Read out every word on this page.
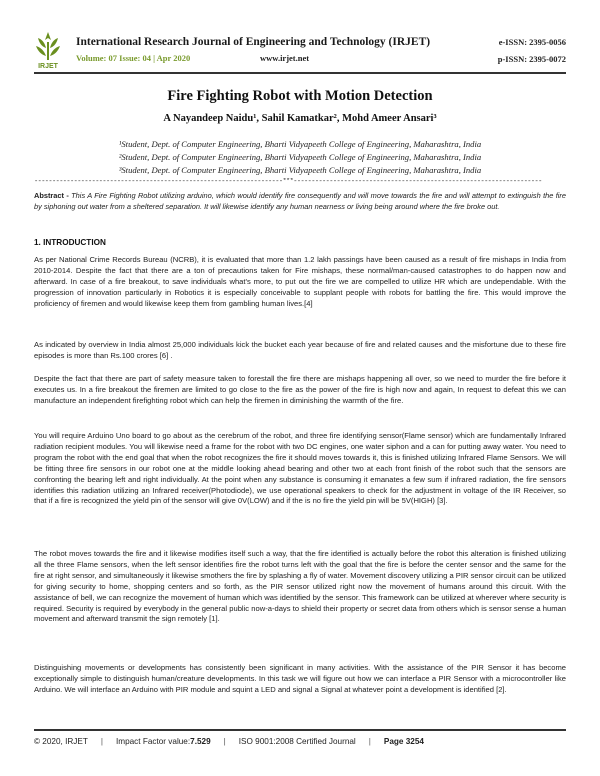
IRJET
International Research Journal of Engineering and Technology (IRJET)
Volume: 07 Issue: 04 | Apr 2020	www.irjet.net
e-ISSN: 2395-0056
p-ISSN: 2395-0072
Fire Fighting Robot with Motion Detection
A Nayandeep Naidu¹, Sahil Kamatkar², Mohd Ameer Ansari³
¹Student, Dept. of Computer Engineering, Bharti Vidyapeeth College of Engineering, Maharashtra, India
²Student, Dept. of Computer Engineering, Bharti Vidyapeeth College of Engineering, Maharashtra, India
³Student, Dept. of Computer Engineering, Bharti Vidyapeeth College of Engineering, Maharashtra, India
---------------------------------------------------------------------***---------------------------------------------------------------------
Abstract - This A Fire Fighting Robot utilizing arduino, which would identify fire consequently and will move towards the fire and will attempt to extinguish the fire by siphoning out water from a sheltered separation. It will likewise identify any human nearness or living being around where the fire broke out.
1. INTRODUCTION

As per National Crime Records Bureau (NCRB), it is evaluated that more than 1.2 lakh passings have been caused as a result of fire mishaps in India from 2010-2014. Despite the fact that there are a ton of precautions taken for Fire mishaps, these normal/man-caused catastrophes to do happen now and afterward. In case of a fire breakout, to save individuals what's more, to put out the fire we are compelled to utilize HR which are undependable. With the progression of innovation particularly in Robotics it is especially conceivable to supplant people with robots for battling the fire. This would improve the proficiency of firemen and would likewise keep them from gambling human lives.[4]

As indicated by overview in India almost 25,000 individuals kick the bucket each year because of fire and related causes and the misfortune due to these fire episodes is more than Rs.100 crores [6] .

Despite the fact that there are part of safety measure taken to forestall the fire there are mishaps happening all over, so we need to murder the fire before it executes us. In a fire breakout the firemen are limited to go close to the fire as the power of the fire is high now and again, In request to defeat this we can manufacture an independent firefighting robot which can help the firemen in diminishing the warmth of the fire.

You will require Arduino Uno board to go about as the cerebrum of the robot, and three fire identifying sensor(Flame sensor) which are fundamentally Infrared radiation recipient modules. You will likewise need a frame for the robot with two DC engines, one water siphon and a can for putting away water. You need to program the robot with the end goal that when the robot recognizes the fire it should moves towards it, this is finished utilizing Infrared Flame Sensors. We will be fitting three fire sensors in our robot one at the middle looking ahead bearing and other two at each front finish of the robot such that the sensors are confronting the bearing left and right individually. At the point when any substance is consuming it emanates a few sum if infrared radiation, the fire sensors identifies this radiation utilizing an Infrared receiver(Photodiode), we use operational speakers to check for the adjustment in voltage of the IR Receiver, so that if a fire is recognized the yield pin of the sensor will give 0V(LOW) and if the is no fire the yield pin will be 5V(HIGH) [3].

The robot moves towards the fire and it likewise modifies itself such a way, that the fire identified is actually before the robot this alteration is finished utilizing all the three Flame sensors, when the left sensor identifies fire the robot turns left with the goal that the fire is before the center sensor and the same for the fire at right sensor, and simultaneously it likewise smothers the fire by splashing a fly of water. Movement discovery utilizing a PIR sensor circuit can be utilized for giving security to home, shopping centers and so forth, as the PIR sensor utilized right now the movement of humans around this circuit. With the assistance of bell, we can recognize the movement of human which was identified by the sensor. This framework can be utilized at wherever where security is required. Security is required by everybody in the general public now-a-days to shield their property or secret data from others which is sensor sense a human movement and afterward transmit the sign remotely [1].

Distinguishing movements or developments has consistently been significant in many activities. With the assistance of the PIR Sensor it has become exceptionally simple to distinguish human/creature developments. In this task we will figure out how we can interface a PIR Sensor with a microcontroller like Arduino. We will interface an Arduino with PIR module and squint a LED and signal a Signal at whatever point a development is identified [2].

© 2020, IRJET | Impact Factor value:7.529 | ISO 9001:2008 Certified Journal | Page 3254
